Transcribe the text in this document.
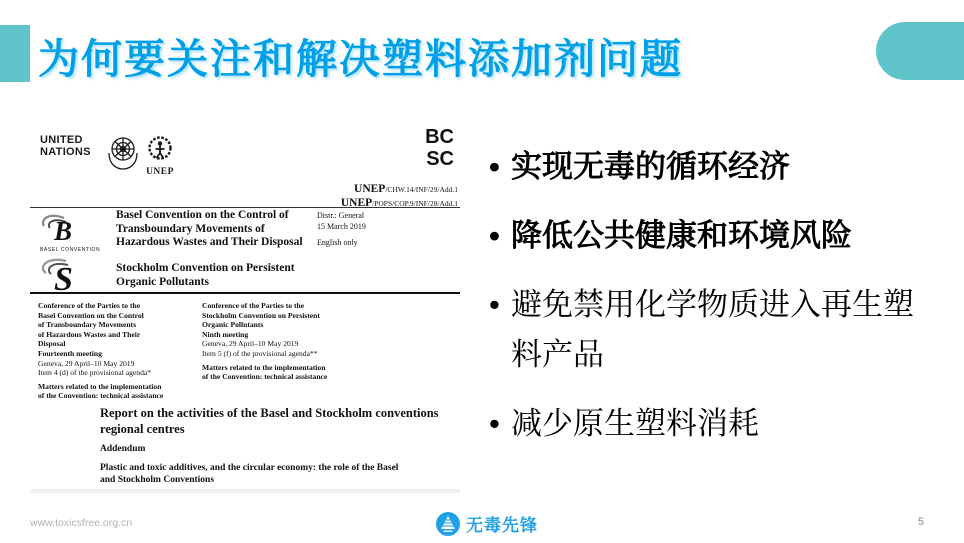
为何要关注和解决塑料添加剂问题
UNITED
NATIONS
UNEP
BC
SC
UNEP/CHW.14/INF/29/Add.1
UNEP/POPS/COP.9/INF/28/Add.1
B
BASEL CONVENTION
Basel Convention on the Control of
Transboundary Movements of
Hazardous Wastes and Their Disposal
Distr.: General
15 March 2019
English only
S	Stockholm Convention on Persistent
Organic Pollutants
Conference of the Parties to the
Basel Convention on the Control
of Transboundary Movements
of Hazardous Wastes and Their
Disposal
Fourteenth meeting
Geneva, 29 April–10 May 2019
Item 4 (d) of the provisional agenda*
Matters related to the implementation
of the Convention: technical assistance
Conference of the Parties to the
Stockholm Convention on Persistent
Organic Pollutants
Ninth meeting
Geneva, 29 April–10 May 2019
Item 5 (f) of the provisional agenda**
Matters related to the implementation
of the Convention: technical assistance
Report on the activities of the Basel and Stockholm conventions
regional centres
Addendum
Plastic and toxic additives, and the circular economy: the role of the Basel
and Stockholm Conventions
• 实现无毒的循环经济
• 降低公共健康和环境风险
• 避免禁用化学物质进入再生塑料产品
• 减少原生塑料消耗
www.toxicsfree.org.cn	无毒先锋	5
